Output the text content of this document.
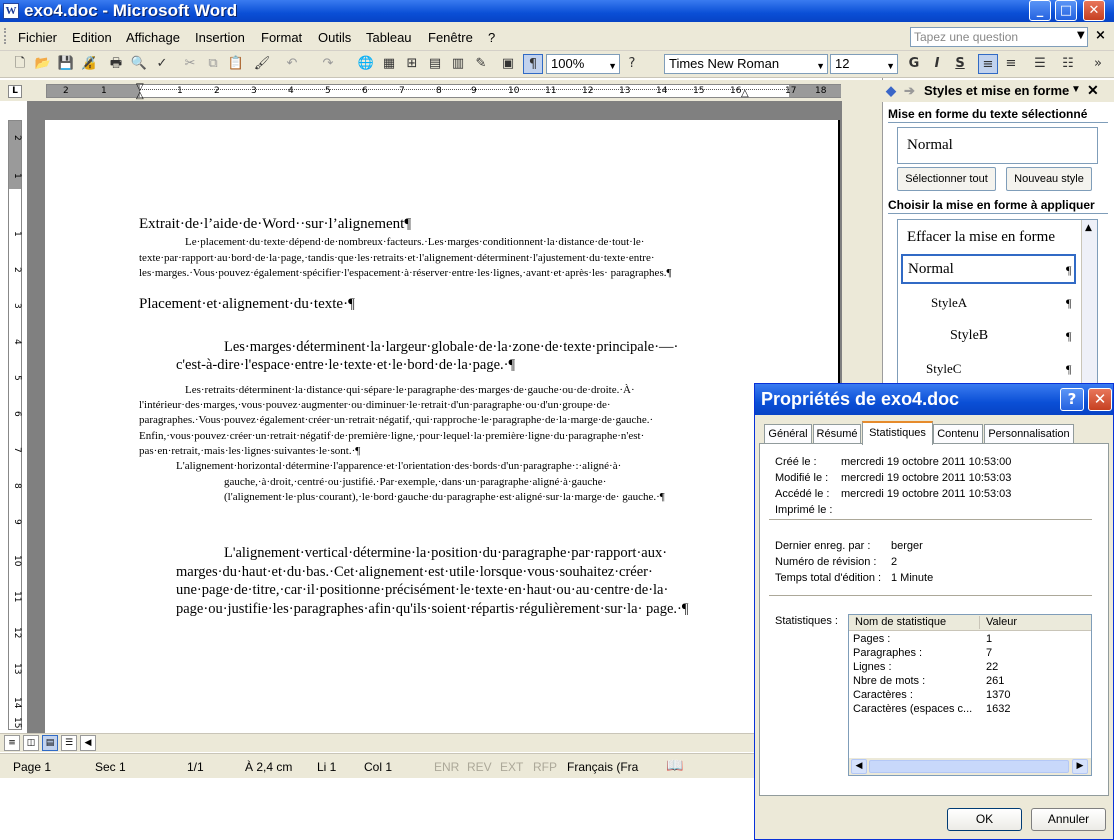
W exo4.doc - Microsoft Word	_	□	✕
Fichier Edition Affichage Insertion Format Outils Tableau Fenêtre ?	Tapez une question	▼ ×
🗋 📂 💾 🔏 🖶 🔍 ✓	✂ ⧉ 📋 🖌	↶	↷	🌐 ▦ ⊞ ▤ ▥ ✎	▣	¶	100%	▼ ?	Times New Roman	▼ 12	▼	G	I	S	≡ ≡	☰	☷	»
L	2	1	1	2	3	4	5	6	7	8	9	10	11	12	13	14	15	16	17 18
▽
△	△
2
1
1
2
3
4
5
6
7
8
9
10
11
12
13
14
15
Extrait·de·l’aide·de·Word··sur·l’alignement¶
Le·placement·du·texte·dépend·de·nombreux·facteurs.·Les·marges·conditionnent·la·distance·de·tout·le· texte·par·rapport·au·bord·de·la·page,·tandis·que·les·retraits·et·l'alignement·déterminent·l'ajustement·du·texte·entre· les·marges.·Vous·pouvez·également·spécifier·l'espacement·à·réserver·entre·les·lignes,·avant·et·après·les· paragraphes.¶
Placement·et·alignement·du·texte·¶
Les·marges·déterminent·la·largeur·globale·de·la·zone·de·texte·principale·—·
c'est-à-dire·l'espace·entre·le·texte·et·le·bord·de·la·page.·¶
Les·retraits·déterminent·la·distance·qui·sépare·le·paragraphe·des·marges·de·gauche·ou·de·droite.·À· l'intérieur·des·marges,·vous·pouvez·augmenter·ou·diminuer·le·retrait·d'un·paragraphe·ou·d'un·groupe·de· paragraphes.·Vous·pouvez·également·créer·un·retrait·négatif,·qui·rapproche·le·paragraphe·de·la·marge·de·gauche.· Enfin,·vous·pouvez·créer·un·retrait·négatif·de·première·ligne,·pour·lequel·la·première·ligne·du·paragraphe·n'est· pas·en·retrait,·mais·les·lignes·suivantes·le·sont.·¶
L'alignement·horizontal·détermine·l'apparence·et·l'orientation·des·bords·d'un·paragraphe·:·aligné·à· gauche,·à·droit,·centré·ou·justifié.·Par·exemple,·dans·un·paragraphe·aligné·à·gauche· (l'alignement·le·plus·courant),·le·bord·gauche·du·paragraphe·est·aligné·sur·la·marge·de· gauche.·¶
L'alignement·vertical·détermine·la·position·du·paragraphe·par·rapport·aux·
marges·du·haut·et·du·bas.·Cet·alignement·est·utile·lorsque·vous·souhaitez·créer· une·page·de·titre,·car·il·positionne·précisément·le·texte·en·haut·ou·au·centre·de·la· page·ou·justifie·les·paragraphes·afin·qu'ils·soient·répartis·régulièrement·sur·la· page.·¶
≡	◫	▤	☰	◀
Page 1	Sec 1	1/1	À 2,4 cm Li 1 Col 1	ENR REV EXT RFP Français (Fra 📖
◆ ➔ Styles et mise en forme ▼ ✕
Mise en forme du texte sélectionné
Normal
Sélectionner tout	Nouveau style
Choisir la mise en forme à appliquer
Effacer la mise en forme
Normal	¶
StyleA	¶
StyleB	¶
StyleC	¶
▲
Propriétés de exo4.doc	?	✕
Général Résumé	Statistiques	Contenu Personnalisation
Créé le : mercredi 19 octobre 2011 10:53:00
Modifié le : mercredi 19 octobre 2011 10:53:03
Accédé le : mercredi 19 octobre 2011 10:53:03
Imprimé le :
Dernier enreg. par : berger
Numéro de révision : 2
Temps total d'édition : 1 Minute
Statistiques : Nom de statistique	Valeur
Pages :	1
Paragraphes :	7
Lignes :	22
Nbre de mots :	261
Caractères :	1370
Caractères (espaces c... 1632
◀	▶
OK	Annuler
